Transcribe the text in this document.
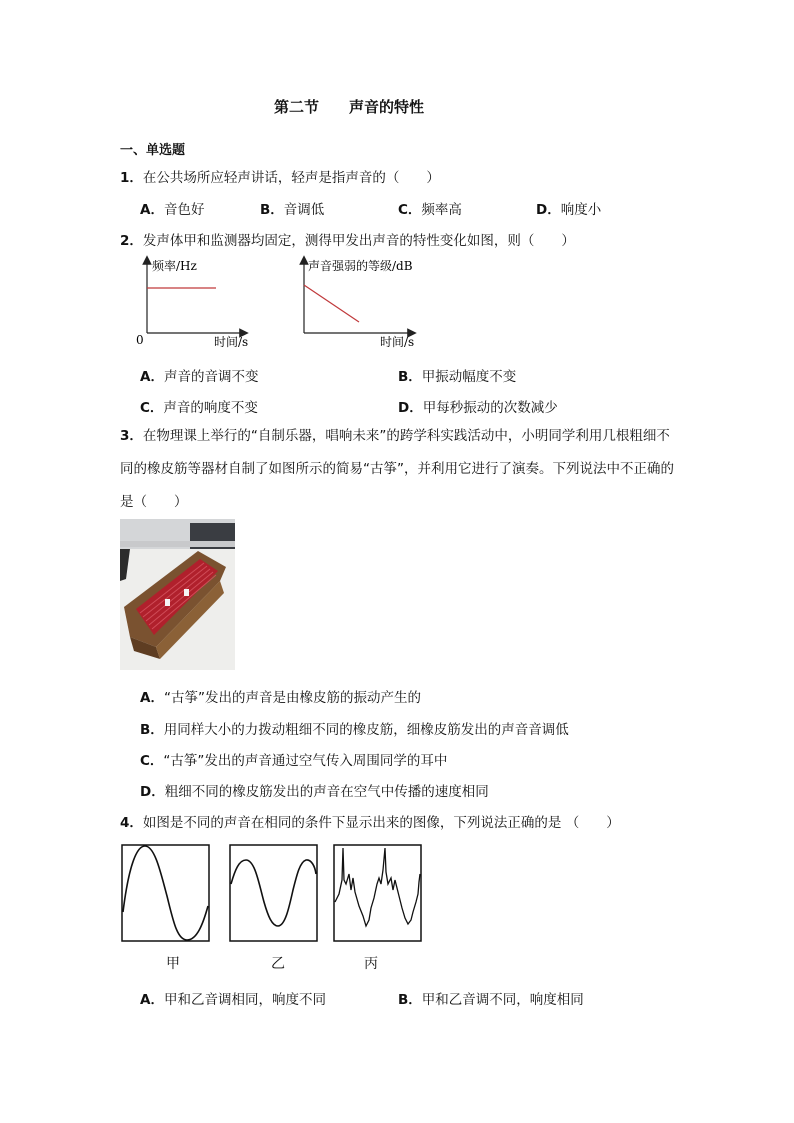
第二节 声音的特性
一、单选题
1．在公共场所应轻声讲话，轻声是指声音的（　　）
A．音色好	B．音调低	C．频率高	D．响度小
2．发声体甲和监测器均固定，测得甲发出声音的特性变化如图，则（　　）
频率/Hz
时间/s
0
声音强弱的等级/dB
时间/s
A．声音的音调不变	B．甲振动幅度不变
C．声音的响度不变	D．甲每秒振动的次数减少
3．在物理课上举行的“自制乐器，唱响未来”的跨学科实践活动中，小明同学利用几根粗细不同的橡皮筋等器材自制了如图所示的简易“古筝”，并利用它进行了演奏。下列说法中不正确的是（　　）
A．“古筝”发出的声音是由橡皮筋的振动产生的
B．用同样大小的力拨动粗细不同的橡皮筋，细橡皮筋发出的声音音调低
C．“古筝”发出的声音通过空气传入周围同学的耳中
D．粗细不同的橡皮筋发出的声音在空气中传播的速度相同
4．如图是不同的声音在相同的条件下显示出来的图像，下列说法正确的是 （　　）
甲	乙	丙
A．甲和乙音调相同，响度不同	B．甲和乙音调不同，响度相同
